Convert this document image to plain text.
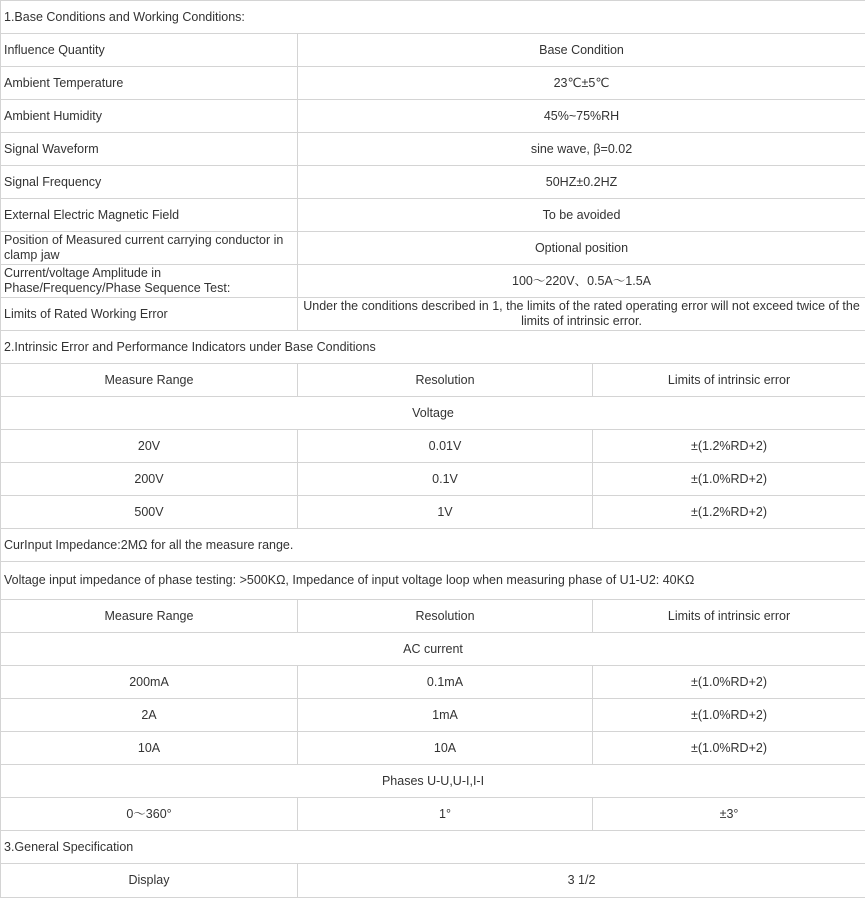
1.Base Conditions and Working Conditions:		
Influence Quantity	Base Condition	
Ambient Temperature	23℃±5℃	
Ambient Humidity	45%~75%RH	
Signal Waveform	sine wave, β=0.02	
Signal Frequency	50HZ±0.2HZ	
External Electric Magnetic Field	To be avoided	
Position of Measured current carrying conductor in clamp jaw	Optional position	
Current/voltage Amplitude in Phase/Frequency/Phase Sequence Test:	100～220V、0.5A～1.5A	
Limits of Rated Working Error	Under the conditions described in 1, the limits of the rated operating error will not exceed twice of the limits of intrinsic error.	
2.Intrinsic Error and Performance Indicators under Base Conditions		
Measure Range	Resolution	Limits of intrinsic error
Voltage		
20V	0.01V	±(1.2%RD+2)
200V	0.1V	±(1.0%RD+2)
500V	1V	±(1.2%RD+2)
CurInput Impedance:2MΩ for all the measure range.		
Voltage input impedance of phase testing: >500KΩ, Impedance of input voltage loop when measuring phase of U1-U2: 40KΩ		
Measure Range	Resolution	Limits of intrinsic error
AC current		
200mA	0.1mA	±(1.0%RD+2)
2A	1mA	±(1.0%RD+2)
10A	10A	±(1.0%RD+2)
Phases U-U,U-I,I-I		
0～360°	1°	±3°
3.General Specification		
Display	3 1/2	
